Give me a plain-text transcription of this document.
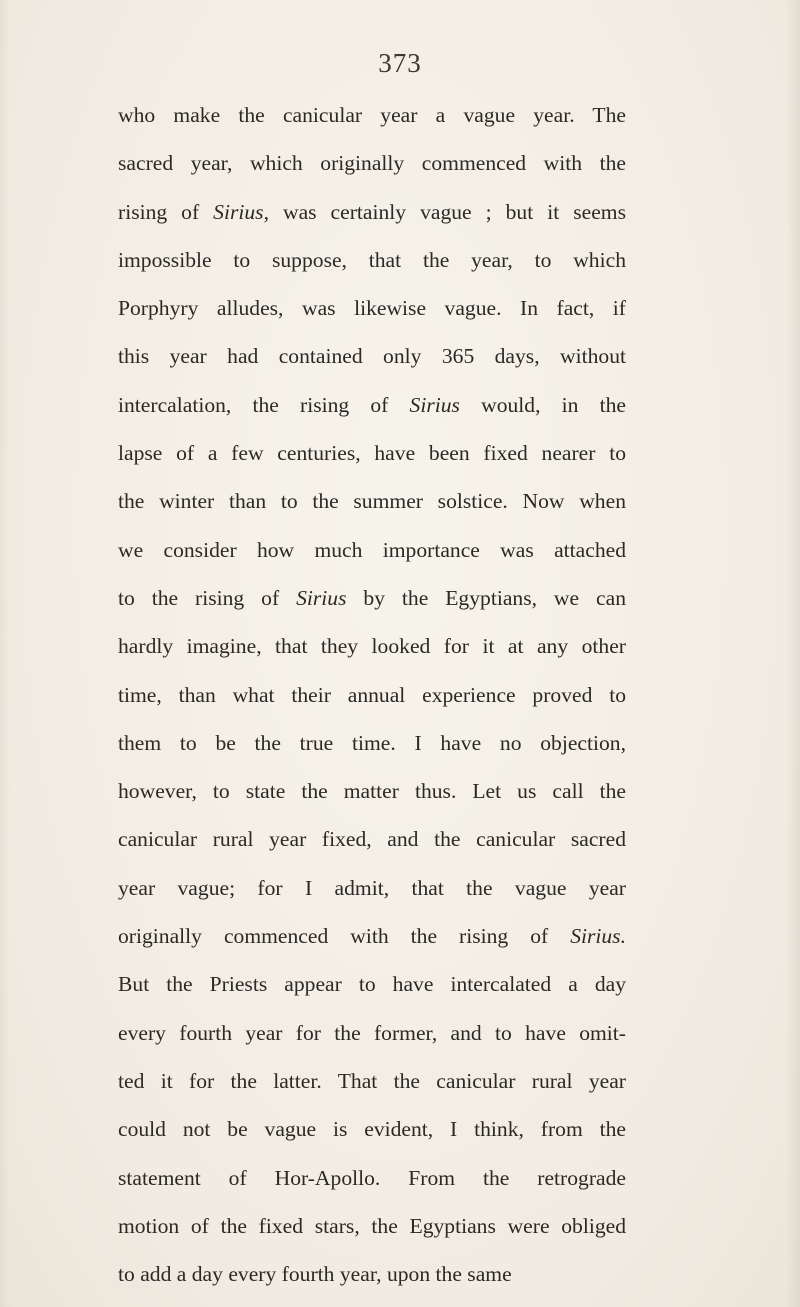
373
who make the canicular year a vague year. The
sacred year, which originally commenced with the
rising of Sirius, was certainly vague ; but it seems
impossible to suppose, that the year, to which
Porphyry alludes, was likewise vague. In fact, if
this year had contained only 365 days, without
intercalation, the rising of Sirius would, in the
lapse of a few centuries, have been fixed nearer to
the winter than to the summer solstice. Now when
we consider how much importance was attached
to the rising of Sirius by the Egyptians, we can
hardly imagine, that they looked for it at any other
time, than what their annual experience proved to
them to be the true time. I have no objection,
however, to state the matter thus. Let us call the
canicular rural year fixed, and the canicular sacred
year vague; for I admit, that the vague year
originally commenced with the rising of Sirius.
But the Priests appear to have intercalated a day
every fourth year for the former, and to have omit-
ted it for the latter. That the canicular rural year
could not be vague is evident, I think, from the
statement of Hor-Apollo. From the retrograde
motion of the fixed stars, the Egyptians were obliged
to add a day every fourth year, upon the same
